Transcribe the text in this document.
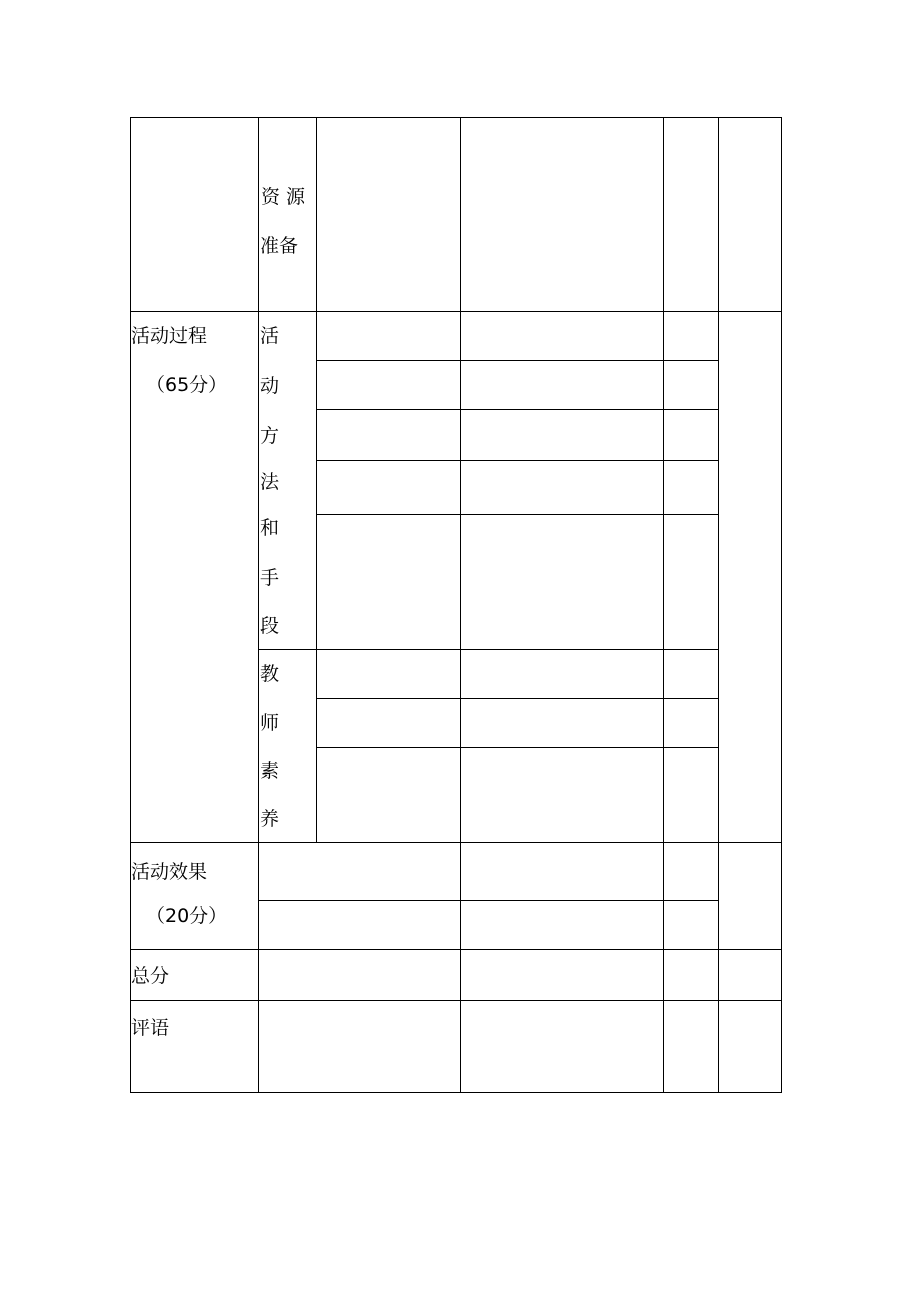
资 源
准备
活动过程
（65分）
活
动
方
法
和
手
段
教
师
素
养
活动效果
（20分）
总分
评语
